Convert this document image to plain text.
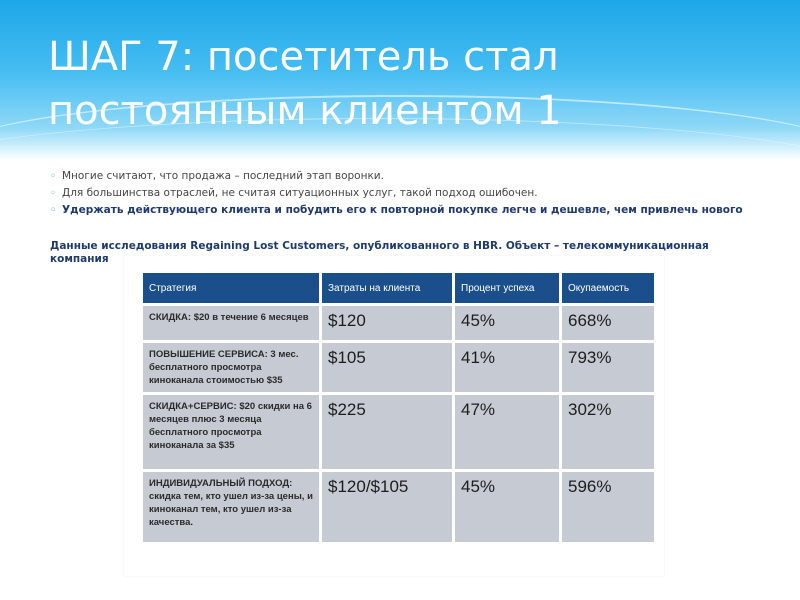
ШАГ 7: посетитель стал постоянным клиентом 1
◦ Многие считают, что продажа – последний этап воронки.
◦ Для большинства отраслей, не считая ситуационных услуг, такой подход ошибочен.
◦ Удержать действующего клиента и побудить его к повторной покупке легче и дешевле, чем привлечь нового
Данные исследования Regaining Lost Customers, опубликованного в HBR. Объект – телекоммуникационная компания
Стратегия	Затраты на клиента	Процент успеха	Окупаемость
СКИДКА: $20 в течение 6 месяцев	$120	45%	668%
ПОВЫШЕНИЕ СЕРВИСА: 3 мес. бесплатного просмотра киноканала стоимостью $35	$105	41%	793%
СКИДКА+СЕРВИС: $20 скидки на 6 месяцев плюс 3 месяца бесплатного просмотра киноканала за $35	$225	47%	302%
ИНДИВИДУАЛЬНЫЙ ПОДХОД: скидка тем, кто ушел из-за цены, и киноканал тем, кто ушел из-за качества.	$120/$105	45%	596%
